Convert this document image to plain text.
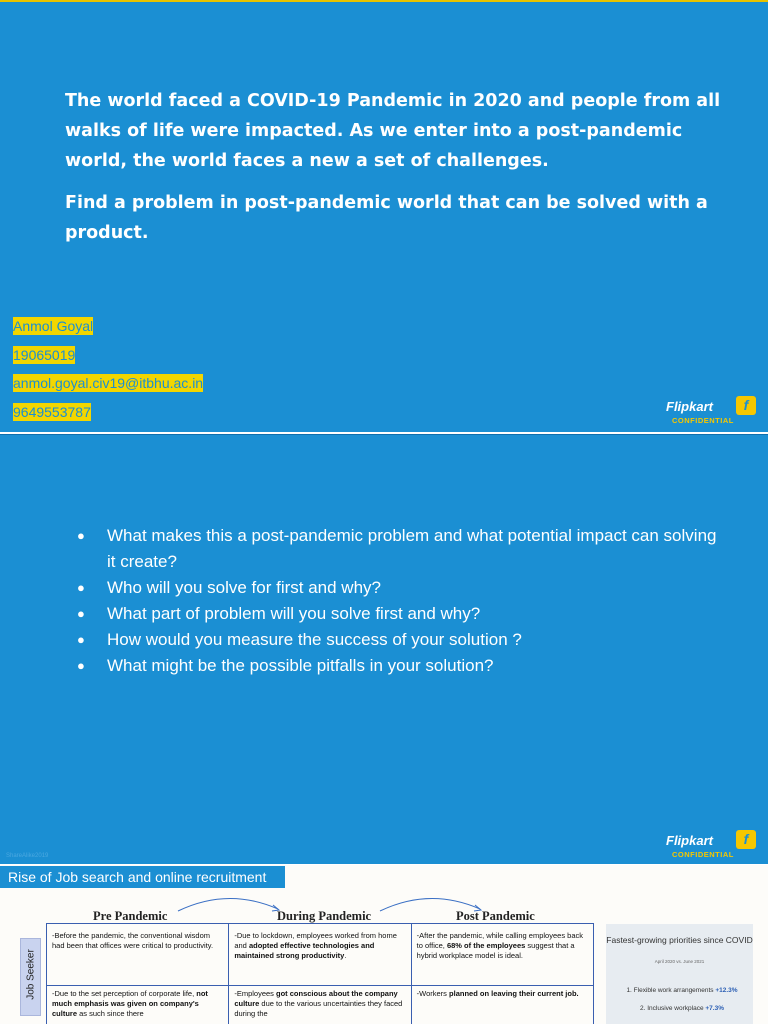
The world faced a COVID-19 Pandemic in 2020 and people from all walks of life were impacted. As we enter into a post-pandemic world, the world faces a new a set of challenges.

Find a problem in post-pandemic world that can be solved with a product.

Anmol Goyal
19065019
anmol.goyal.civ19@itbhu.ac.in
9649553787	Flipkart	f
CONFIDENTIAL
● What makes this a post-pandemic problem and what potential impact can solving it create?
● Who will you solve for first and why?
● What part of problem will you solve first and why?
● How would you measure the success of your solution ?
● What might be the possible pitfalls in your solution?
ShareAlike2019
Flipkart	f
CONFIDENTIAL
Rise of Job search and online recruitment
Pre Pandemic	During Pandemic	Post Pandemic
Job Seeker
-Before the pandemic, the conventional wisdom had been that offices were critical to productivity.	-Due to lockdown, employees worked from home and adopted effective technologies and maintained strong productivity.	-After the pandemic, while calling employees back to office, 68% of the employees suggest that a hybrid workplace model is ideal.
-Due to the set perception of corporate life, not much emphasis was given on company's culture as such since there	-Employees got conscious about the company culture due to the various uncertainties they faced during the	-Workers planned on leaving their current job.
Fastest-growing priorities since COVID
April 2020 vs. June 2021
1. Flexible work arrangements +12.3%
2. Inclusive workplace +7.3%
